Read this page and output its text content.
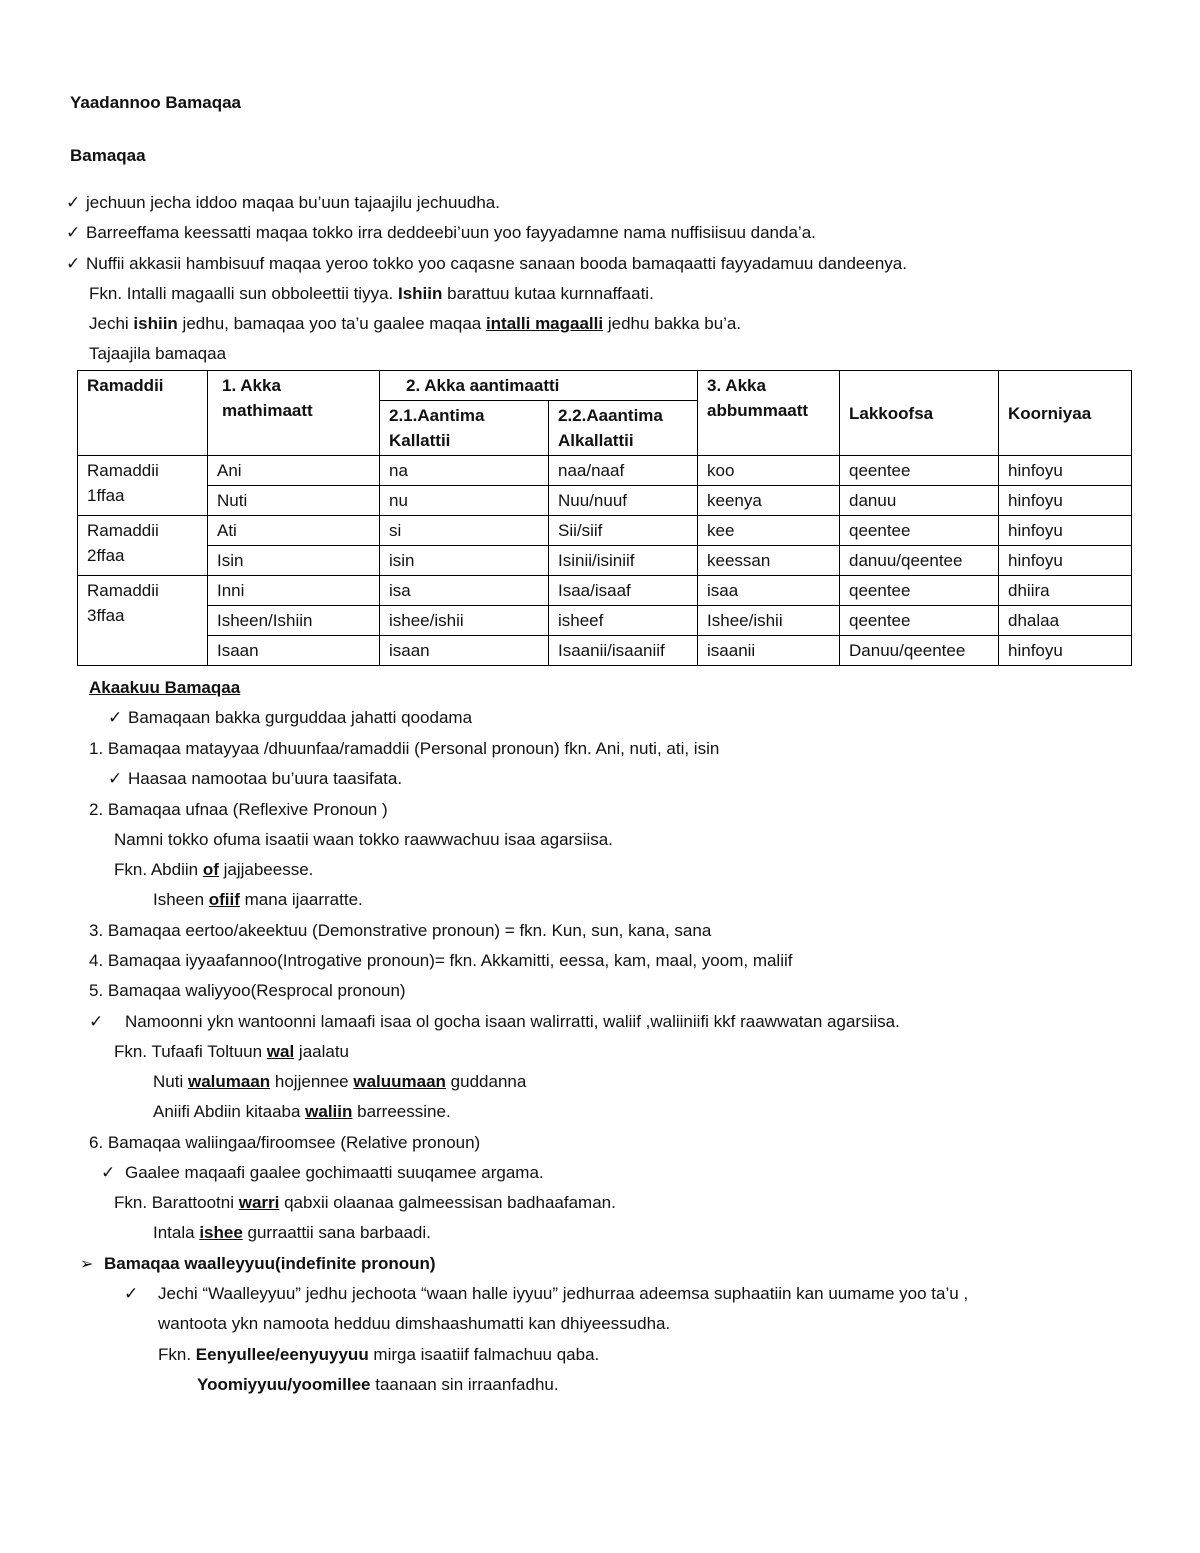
Yaadannoo Bamaqaa
Bamaqaa
✓ jechuun jecha iddoo maqaa bu’uun tajaajilu jechuudha.
✓ Barreeffama keessatti maqaa tokko irra deddeebi’uun yoo fayyadamne nama nuffisiisuu danda’a.
✓ Nuffii akkasii hambisuuf maqaa yeroo tokko yoo caqasne sanaan booda bamaqaatti fayyadamuu dandeenya.
Fkn. Intalli magaalli sun obboleettii tiyya. Ishiin barattuu kutaa kurnnaffaati.
Jechi ishiin jedhu, bamaqaa yoo ta’u gaalee maqaa intalli magaalli jedhu bakka bu’a.
Tajaajila bamaqaa
Ramaddii	1. Akka mathimaatt	2. Akka aantimaatti		3. Akka abbummaatt	Lakkoofsa	Koorniyaa
		2.1.Aantima Kallattii	2.2.Aaantima Alkallattii			
Ramaddii 1ffaa	Ani	na	naa/naaf	koo	qeentee	hinfoyu
	Nuti	nu	Nuu/nuuf	keenya	danuu	hinfoyu
Ramaddii 2ffaa	Ati	si	Sii/siif	kee	qeentee	hinfoyu
	Isin	isin	Isinii/isiniif	keessan	danuu/qeentee	hinfoyu
Ramaddii 3ffaa	Inni	isa	Isaa/isaaf	isaa	qeentee	dhiira
	Isheen/Ishiin	ishee/ishii	isheef	Ishee/ishii	qeentee	dhalaa
	Isaan	isaan	Isaanii/isaaniif	isaanii	Danuu/qeentee	hinfoyu
Akaakuu Bamaqaa
✓ Bamaqaan bakka gurguddaa jahatti qoodama
1. Bamaqaa matayyaa /dhuunfaa/ramaddii (Personal pronoun) fkn. Ani, nuti, ati, isin
✓ Haasaa namootaa bu’uura taasifata.
2. Bamaqaa ufnaa (Reflexive Pronoun )
Namni tokko ofuma isaatii waan tokko raawwachuu isaa agarsiisa.
Fkn. Abdiin of jajjabeesse.
Isheen ofiif mana ijaarratte.
3. Bamaqaa eertoo/akeektuu (Demonstrative pronoun) = fkn. Kun, sun, kana, sana
4. Bamaqaa iyyaafannoo(Introgative pronoun)= fkn. Akkamitti, eessa, kam, maal, yoom, maliif
5. Bamaqaa waliyyoo(Resprocal pronoun)
✓ Namoonni ykn wantoonni lamaafi isaa ol gocha isaan walirratti, waliif ,waliiniifi kkf raawwatan agarsiisa.
Fkn. Tufaafi Toltuun wal jaalatu
Nuti walumaan hojjennee waluumaan guddanna
Aniifi Abdiin kitaaba waliin barreessine.
6. Bamaqaa waliingaa/firoomsee (Relative pronoun)
✓ Gaalee maqaafi gaalee gochimaatti suuqamee argama.
Fkn. Barattootni warri qabxii olaanaa galmeessisan badhaafaman.
Intala ishee gurraattii sana barbaadi.
➢ Bamaqaa waalleyyuu(indefinite pronoun)
✓ Jechi “Waalleyyuu” jedhu jechoota “waan halle iyyuu” jedhurraa adeemsa suphaatiin kan uumame yoo ta’u ,
wantoota ykn namoota hedduu dimshaashumatti kan dhiyeessudha.
Fkn. Eenyullee/eenyuyyuu mirga isaatiif falmachuu qaba.
Yoomiyyuu/yoomillee taanaan sin irraanfadhu.
